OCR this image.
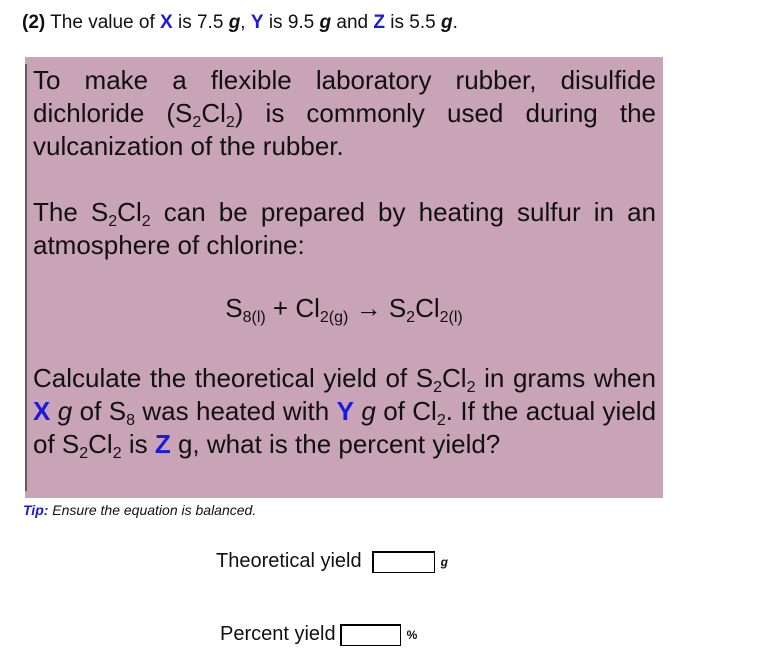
(2) The value of X is 7.5 g, Y is 9.5 g and Z is 5.5 g.
To make a flexible laboratory rubber, disulfide dichloride $(S_2Cl_2)$ is commonly used during the vulcanization of the rubber.
The $S_2Cl_2$ can be prepared by heating sulfur in an atmosphere of chlorine:
$S_{8(l)} + Cl_{2(g)} \to S_2Cl_{2(l)}$
Calculate the theoretical yield of $S_2Cl_2$ in grams when X g of $S_8$ was heated with Y g of $Cl_2$. If the actual yield of $S_2Cl_2$ is Z g, what is the percent yield?
Tip: Ensure the equation is balanced.
Theoretical yield	g
Percent yield	%
